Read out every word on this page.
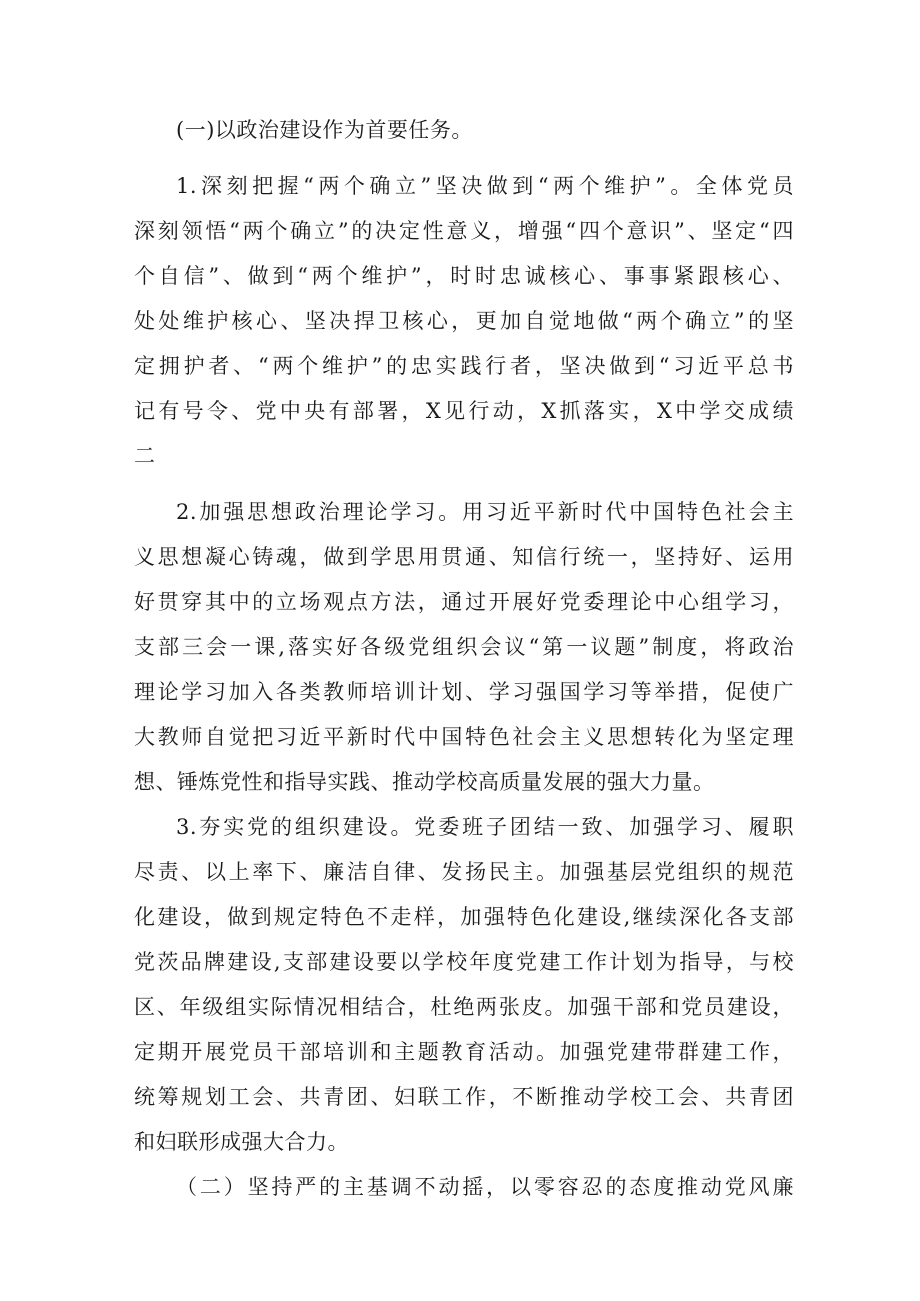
(一)以政治建设作为首要任务。
1.深刻把握“两个确立”坚决做到“两个维护”。全体党员
深刻领悟“两个确立”的决定性意义，增强“四个意识”、坚定“四
个自信”、做到“两个维护”，时时忠诚核心、事事紧跟核心、
处处维护核心、坚决捍卫核心，更加自觉地做“两个确立”的坚
定拥护者、“两个维护”的忠实践行者，坚决做到“习近平总书
记有号令、党中央有部署，X见行动，X抓落实，X中学交成绩
二
2.加强思想政治理论学习。用习近平新时代中国特色社会主
义思想凝心铸魂，做到学思用贯通、知信行统一，坚持好、运用
好贯穿其中的立场观点方法，通过开展好党委理论中心组学习，
支部三会一课,落实好各级党组织会议“第一议题”制度，将政治
理论学习加入各类教师培训计划、学习强国学习等举措，促使广
大教师自觉把习近平新时代中国特色社会主义思想转化为坚定理
想、锤炼党性和指导实践、推动学校高质量发展的强大力量。
3.夯实党的组织建设。党委班子团结一致、加强学习、履职
尽责、以上率下、廉洁自律、发扬民主。加强基层党组织的规范
化建设，做到规定特色不走样，加强特色化建设,继续深化各支部
党茨品牌建设,支部建设要以学校年度党建工作计划为指导，与校
区、年级组实际情况相结合，杜绝两张皮。加强干部和党员建设，
定期开展党员干部培训和主题教育活动。加强党建带群建工作，
统筹规划工会、共青团、妇联工作，不断推动学校工会、共青团
和妇联形成强大合力。
（二）坚持严的主基调不动摇，以零容忍的态度推动党风廉
